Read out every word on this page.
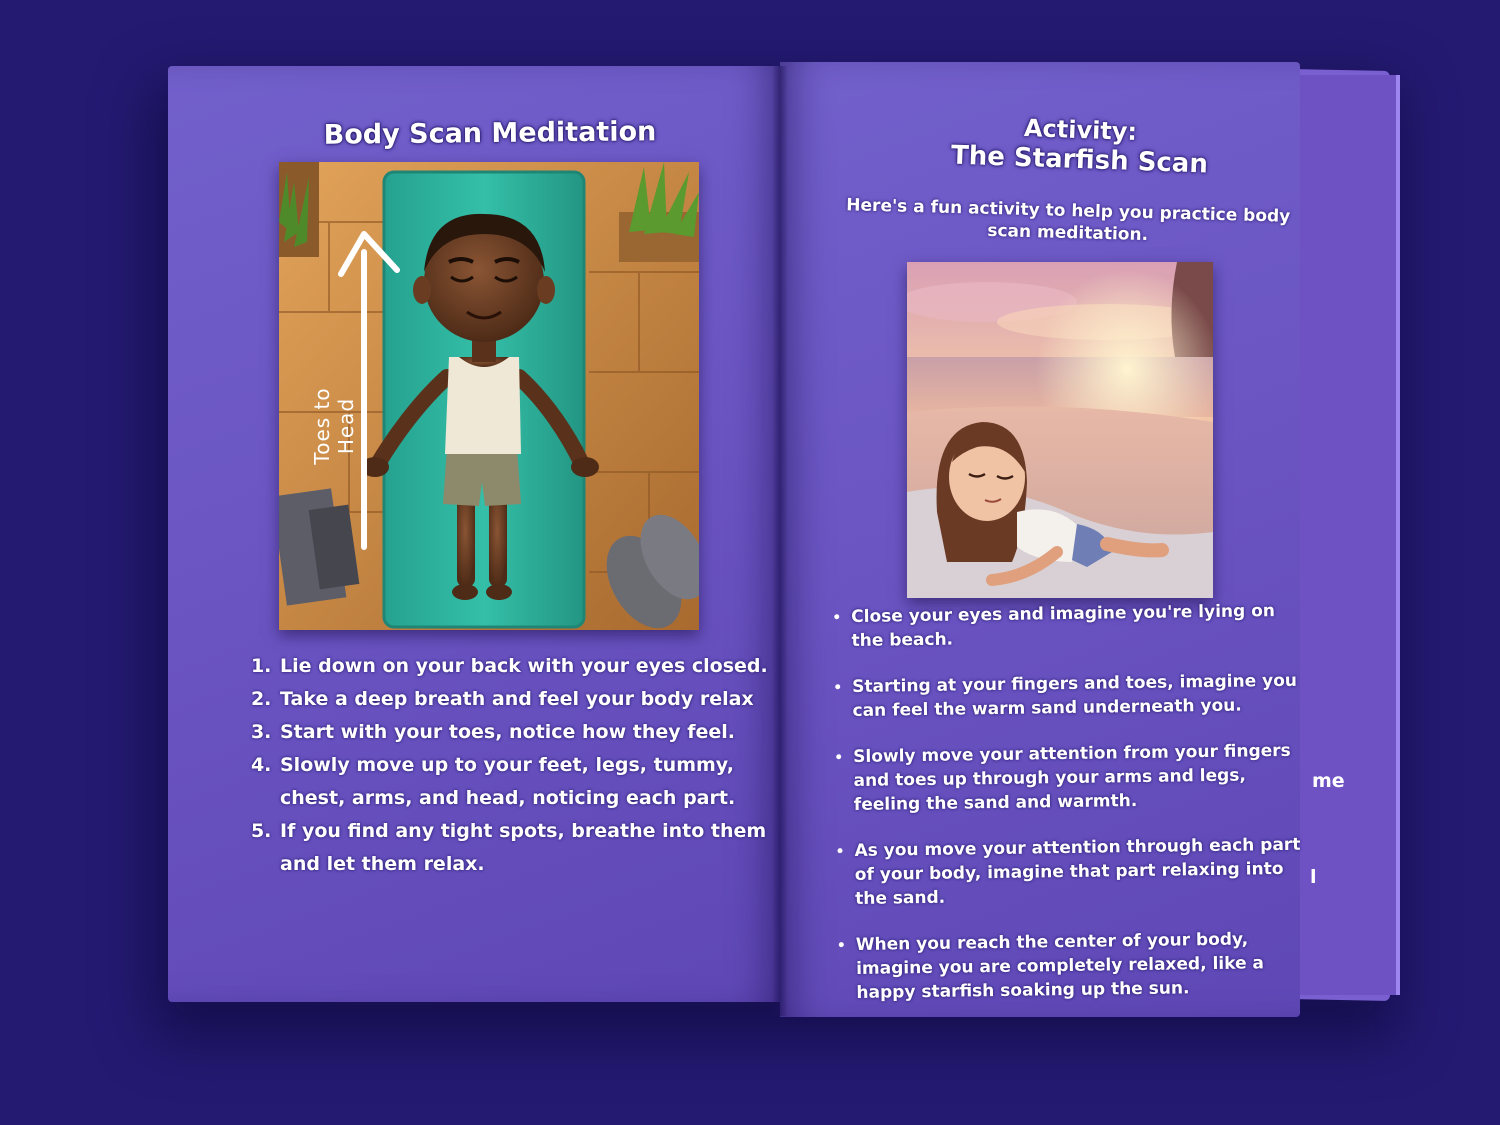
me
l
Body Scan Meditation
Toes to Head
1. Lie down on your back with your eyes closed.
2. Take a deep breath and feel your body relax
3. Start with your toes, notice how they feel.
4. Slowly move up to your feet, legs, tummy, chest, arms, and head, noticing each part.
5. If you find any tight spots, breathe into them and let them relax.
Activity:
The Starfish Scan
Here's a fun activity to help you practice body scan meditation.
• Close your eyes and imagine you're lying on the beach.
• Starting at your fingers and toes, imagine you can feel the warm sand underneath you.
• Slowly move your attention from your fingers and toes up through your arms and legs, feeling the sand and warmth.
• As you move your attention through each part of your body, imagine that part relaxing into the sand.
• When you reach the center of your body, imagine you are completely relaxed, like a happy starfish soaking up the sun.
